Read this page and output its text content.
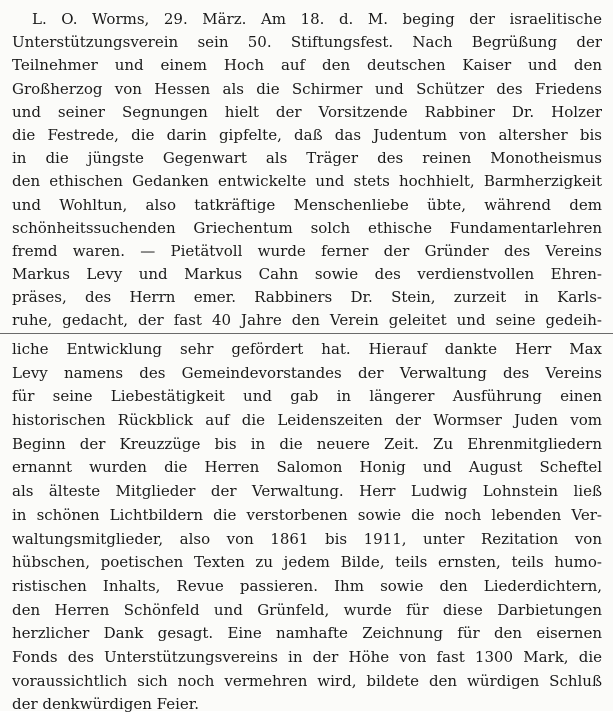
L. O. Worms, 29. März. Am 18. d. M. beging der israelitische
Unterstützungsverein sein 50. Stiftungsfest. Nach Begrüßung der
Teilnehmer und einem Hoch auf den deutschen Kaiser und den
Großherzog von Hessen als die Schirmer und Schützer des Friedens
und seiner Segnungen hielt der Vorsitzende Rabbiner Dr. Holzer
die Festrede, die darin gipfelte, daß das Judentum von altersher bis
in die jüngste Gegenwart als Träger des reinen Monotheismus
den ethischen Gedanken entwickelte und stets hochhielt, Barmherzigkeit
und Wohltun, also tatkräftige Menschenliebe übte, während dem
schönheitssuchenden Griechentum solch ethische Fundamentarlehren
fremd waren. — Pietätvoll wurde ferner der Gründer des Vereins
Markus Levy und Markus Cahn sowie des verdienstvollen Ehren-
präses, des Herrn emer. Rabbiners Dr. Stein, zurzeit in Karls-
ruhe, gedacht, der fast 40 Jahre den Verein geleitet und seine gedeih-
liche Entwicklung sehr gefördert hat. Hierauf dankte Herr Max
Levy namens des Gemeindevorstandes der Verwaltung des Vereins
für seine Liebestätigkeit und gab in längerer Ausführung einen
historischen Rückblick auf die Leidenszeiten der Wormser Juden vom
Beginn der Kreuzzüge bis in die neuere Zeit. Zu Ehrenmitgliedern
ernannt wurden die Herren Salomon Honig und August Scheftel
als älteste Mitglieder der Verwaltung. Herr Ludwig Lohnstein ließ
in schönen Lichtbildern die verstorbenen sowie die noch lebenden Ver-
waltungsmitglieder, also von 1861 bis 1911, unter Rezitation von
hübschen, poetischen Texten zu jedem Bilde, teils ernsten, teils humo-
ristischen Inhalts, Revue passieren. Ihm sowie den Liederdichtern,
den Herren Schönfeld und Grünfeld, wurde für diese Darbietungen
herzlicher Dank gesagt. Eine namhafte Zeichnung für den eisernen
Fonds des Unterstützungsvereins in der Höhe von fast 1300 Mark, die
voraussichtlich sich noch vermehren wird, bildete den würdigen Schluß
der denkwürdigen Feier.
